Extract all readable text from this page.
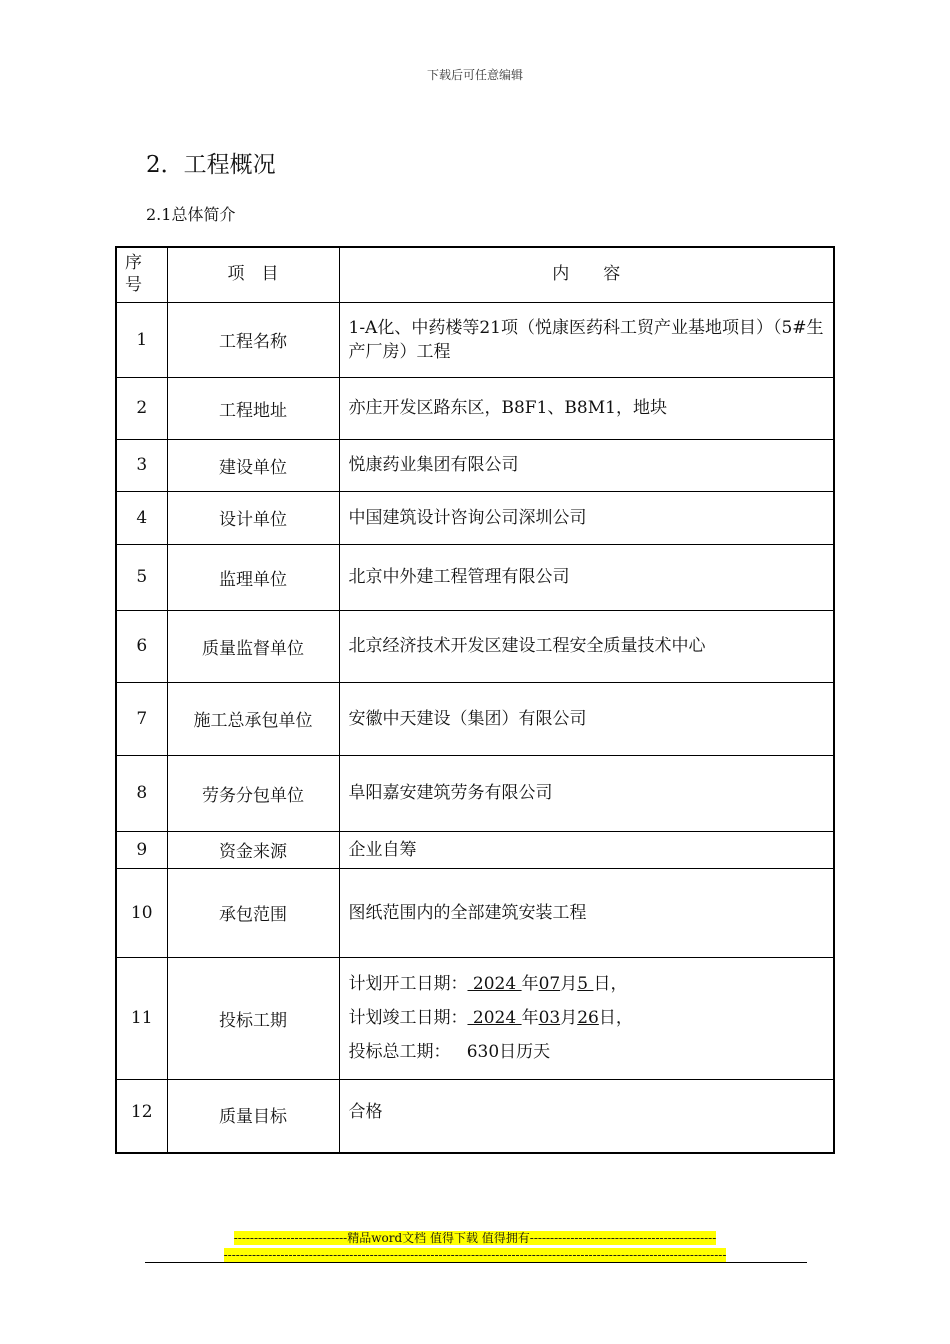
下载后可任意编辑
2．工程概况
2.1总体简介
序号	项　目	内　　容
1	工程名称	1-A化、中药楼等21项（悦康医药科工贸产业基地项目）（5#生产厂房）工程
2	工程地址	亦庄开发区路东区，B8F1、B8M1，地块
3	建设单位	悦康药业集团有限公司
4	设计单位	中国建筑设计咨询公司深圳公司
5	监理单位	北京中外建工程管理有限公司
6	质量监督单位	北京经济技术开发区建设工程安全质量技术中心
7	施工总承包单位	安徽中天建设（集团）有限公司
8	劳务分包单位	阜阳嘉安建筑劳务有限公司
9	资金来源	企业自筹
10	承包范围	图纸范围内的全部建筑安装工程
11	投标工期	计划开工日期： 2024 年07月5 日，
计划竣工日期： 2024 年03月26日，
投标总工期： 630日历天

12	质量目标	合格
----------------------------精品word文档 值得下载 值得拥有----------------------------------------------
----------------------------------------------------------------------------------------------------------------------------
